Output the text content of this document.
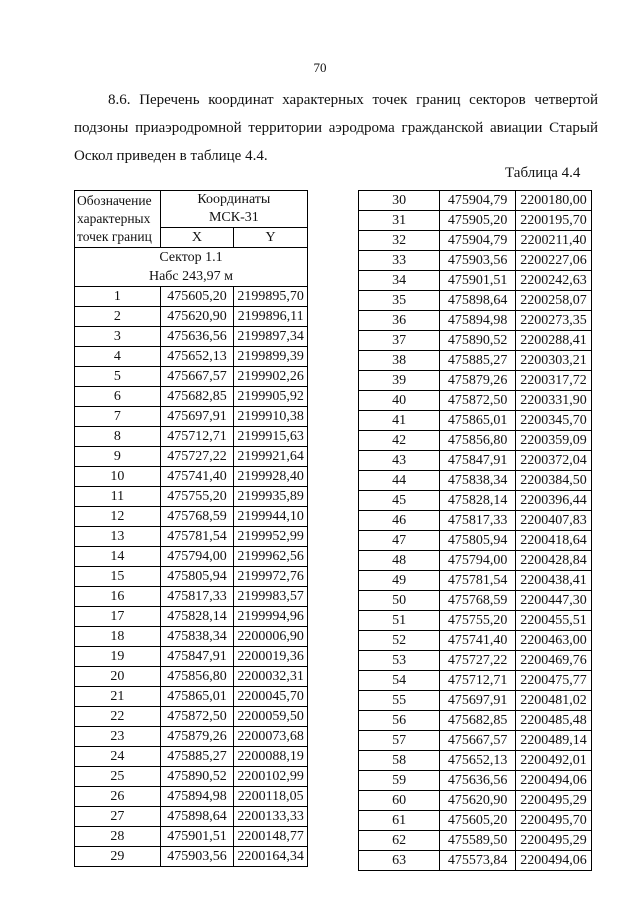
70
8.6. Перечень координат характерных точек границ секторов четвертой
подзоны приаэродромной территории аэродрома гражданской авиации Старый
Оскол приведен в таблице 4.4.
Таблица 4.4
Обозначение
характерных
точек границ	Координаты
МСК-31	

	X	Y
Сектор 1.1
Набс 243,97 м		
1	475605,20	2199895,70
2	475620,90	2199896,11
3	475636,56	2199897,34
4	475652,13	2199899,39
5	475667,57	2199902,26
6	475682,85	2199905,92
7	475697,91	2199910,38
8	475712,71	2199915,63
9	475727,22	2199921,64
10	475741,40	2199928,40
11	475755,20	2199935,89
12	475768,59	2199944,10
13	475781,54	2199952,99
14	475794,00	2199962,56
15	475805,94	2199972,76
16	475817,33	2199983,57
17	475828,14	2199994,96
18	475838,34	2200006,90
19	475847,91	2200019,36
20	475856,80	2200032,31
21	475865,01	2200045,70
22	475872,50	2200059,50
23	475879,26	2200073,68
24	475885,27	2200088,19
25	475890,52	2200102,99
26	475894,98	2200118,05
27	475898,64	2200133,33
28	475901,51	2200148,77
29	475903,56	2200164,34
30	475904,79	2200180,00
31	475905,20	2200195,70
32	475904,79	2200211,40
33	475903,56	2200227,06
34	475901,51	2200242,63
35	475898,64	2200258,07
36	475894,98	2200273,35
37	475890,52	2200288,41
38	475885,27	2200303,21
39	475879,26	2200317,72
40	475872,50	2200331,90
41	475865,01	2200345,70
42	475856,80	2200359,09
43	475847,91	2200372,04
44	475838,34	2200384,50
45	475828,14	2200396,44
46	475817,33	2200407,83
47	475805,94	2200418,64
48	475794,00	2200428,84
49	475781,54	2200438,41
50	475768,59	2200447,30
51	475755,20	2200455,51
52	475741,40	2200463,00
53	475727,22	2200469,76
54	475712,71	2200475,77
55	475697,91	2200481,02
56	475682,85	2200485,48
57	475667,57	2200489,14
58	475652,13	2200492,01
59	475636,56	2200494,06
60	475620,90	2200495,29
61	475605,20	2200495,70
62	475589,50	2200495,29
63	475573,84	2200494,06
